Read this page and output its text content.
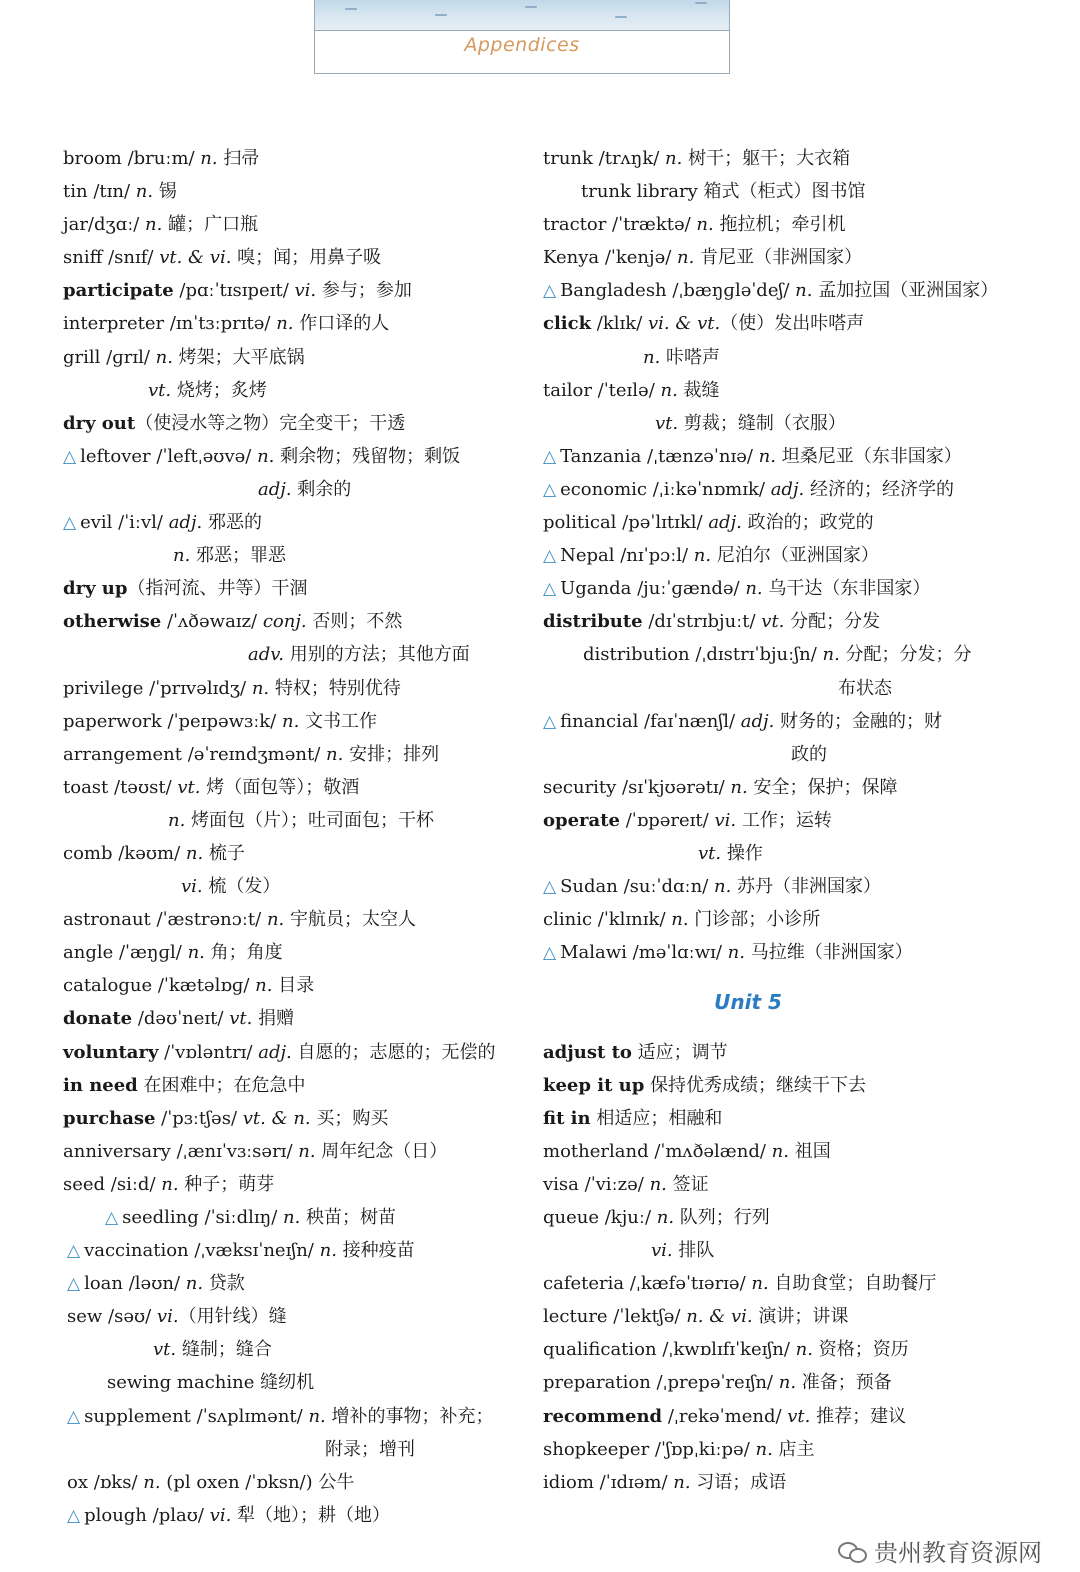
Appendices
broom /bruːm/ n. 扫帚
tin /tɪn/ n. 锡
jar/dʒɑː/ n. 罐；广口瓶
sniff /snɪf/ vt. & vi. 嗅；闻；用鼻子吸
participate /pɑːˈtɪsɪpeɪt/ vi. 参与；参加
interpreter /ɪnˈtɜːprɪtə/ n. 作口译的人
grill /ɡrɪl/ n. 烤架；大平底锅
vt. 烧烤；炙烤
dry out（使浸水等之物）完全变干；干透
△ leftover /ˈleftˌəʊvə/ n. 剩余物；残留物；剩饭
adj. 剩余的
△ evil /ˈiːvl/ adj. 邪恶的
n. 邪恶；罪恶
dry up（指河流、井等）干涸
otherwise /ˈʌðəwaɪz/ conj. 否则；不然
adv. 用别的方法；其他方面
privilege /ˈprɪvəlɪdʒ/ n. 特权；特别优待
paperwork /ˈpeɪpəwɜːk/ n. 文书工作
arrangement /əˈreɪndʒmənt/ n. 安排；排列
toast /təʊst/ vt. 烤（面包等）；敬酒
n. 烤面包（片）；吐司面包；干杯
comb /kəʊm/ n. 梳子
vi. 梳（发）
astronaut /ˈæstrənɔːt/ n. 宇航员；太空人
angle /ˈæŋɡl/ n. 角；角度
catalogue /ˈkætəlɒɡ/ n. 目录
donate /dəʊˈneɪt/ vt. 捐赠
voluntary /ˈvɒləntrɪ/ adj. 自愿的；志愿的；无偿的
in need 在困难中；在危急中
purchase /ˈpɜːtʃəs/ vt. & n. 买；购买
anniversary /ˌænɪˈvɜːsərɪ/ n. 周年纪念（日）
seed /siːd/ n. 种子；萌芽
△ seedling /ˈsiːdlɪŋ/ n. 秧苗；树苗
△ vaccination /ˌvæksɪˈneɪʃn/ n. 接种疫苗
△ loan /ləʊn/ n. 贷款
sew /səʊ/ vi.（用针线）缝
vt. 缝制；缝合
sewing machine 缝纫机
△ supplement /ˈsʌplɪmənt/ n. 增补的事物；补充；
附录；增刊
ox /ɒks/ n. (pl oxen /ˈɒksn/) 公牛
△ plough /plaʊ/ vi. 犁（地）；耕（地）
trunk /trʌŋk/ n. 树干；躯干；大衣箱
trunk library 箱式（柜式）图书馆
tractor /ˈtræktə/ n. 拖拉机；牵引机
Kenya /ˈkenjə/ n. 肯尼亚（非洲国家）
△ Bangladesh /ˌbæŋɡləˈdeʃ/ n. 孟加拉国（亚洲国家）
click /klɪk/ vi. & vt.（使）发出咔嗒声
n. 咔嗒声
tailor /ˈteɪlə/ n. 裁缝
vt. 剪裁；缝制（衣服）
△ Tanzania /ˌtænzəˈnɪə/ n. 坦桑尼亚（东非国家）
△ economic /ˌiːkəˈnɒmɪk/ adj. 经济的；经济学的
political /pəˈlɪtɪkl/ adj. 政治的；政党的
△ Nepal /nɪˈpɔːl/ n. 尼泊尔（亚洲国家）
△ Uganda /juːˈɡændə/ n. 乌干达（东非国家）
distribute /dɪˈstrɪbjuːt/ vt. 分配；分发
distribution /ˌdɪstrɪˈbjuːʃn/ n. 分配；分发；分
布状态
△ financial /faɪˈnænʃl/ adj. 财务的；金融的；财
政的
security /sɪˈkjʊərətɪ/ n. 安全；保护；保障
operate /ˈɒpəreɪt/ vi. 工作；运转
vt. 操作
△ Sudan /suːˈdɑːn/ n. 苏丹（非洲国家）
clinic /ˈklɪnɪk/ n. 门诊部；小诊所
△ Malawi /məˈlɑːwɪ/ n. 马拉维（非洲国家）
Unit 5
adjust to 适应；调节
keep it up 保持优秀成绩；继续干下去
fit in 相适应；相融和
motherland /ˈmʌðəlænd/ n. 祖国
visa /ˈviːzə/ n. 签证
queue /kjuː/ n. 队列；行列
vi. 排队
cafeteria /ˌkæfəˈtɪərɪə/ n. 自助食堂；自助餐厅
lecture /ˈlektʃə/ n. & vi. 演讲；讲课
qualification /ˌkwɒlɪfɪˈkeɪʃn/ n. 资格；资历
preparation /ˌprepəˈreɪʃn/ n. 准备；预备
recommend /ˌrekəˈmend/ vt. 推荐；建议
shopkeeper /ˈʃɒpˌkiːpə/ n. 店主
idiom /ˈɪdɪəm/ n. 习语；成语
贵州教育资源网
